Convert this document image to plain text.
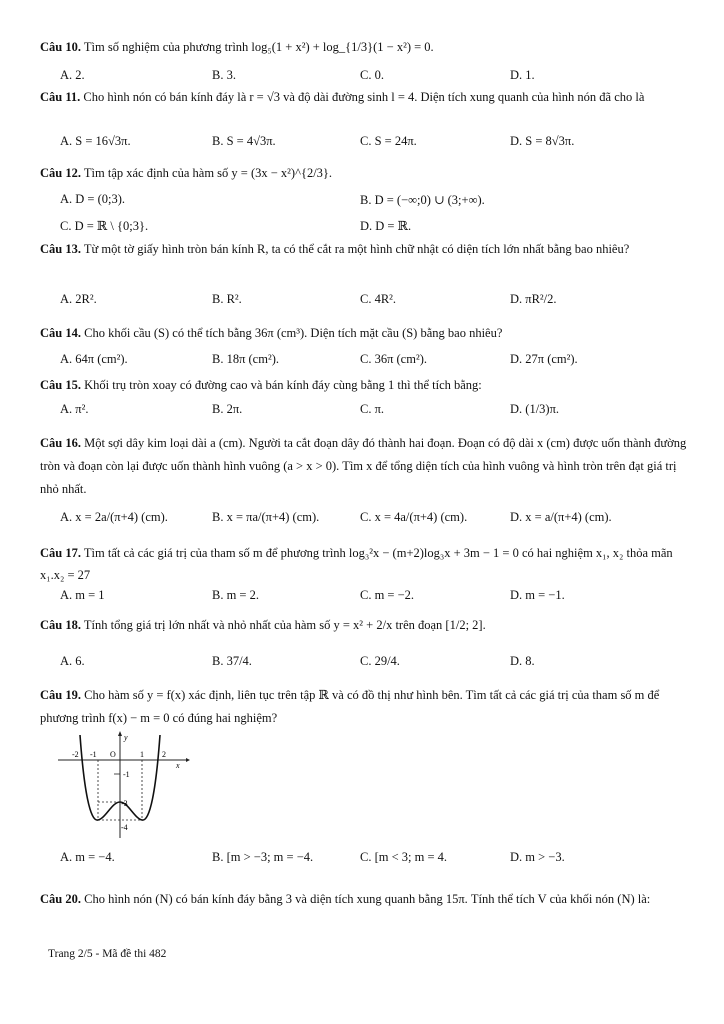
Câu 10. Tìm số nghiệm của phương trình log₅(1 + x²) + log_{1/3}(1 − x²) = 0.
A. 2.	B. 3.	C. 0.	D. 1.
Câu 11. Cho hình nón có bán kính đáy là r = √3 và độ dài đường sinh l = 4. Diện tích xung quanh của hình nón đã cho là
A. S = 16√3π.	B. S = 4√3π.	C. S = 24π.	D. S = 8√3π.
Câu 12. Tìm tập xác định của hàm số y = (3x − x²)^{2/3}.
A. D = (0;3).	B. D = (−∞;0) ∪ (3;+∞).
C. D = ℝ \ {0;3}.	D. D = ℝ.
Câu 13. Từ một tờ giấy hình tròn bán kính R, ta có thể cắt ra một hình chữ nhật có diện tích lớn nhất bằng bao nhiêu?
A. 2R².	B. R².	C. 4R².	D. πR²/2.
Câu 14. Cho khối cầu (S) có thể tích bằng 36π (cm³). Diện tích mặt cầu (S) bằng bao nhiêu?
A. 64π (cm²).	B. 18π (cm²).	C. 36π (cm²).	D. 27π (cm²).
Câu 15. Khối trụ tròn xoay có đường cao và bán kính đáy cùng bằng 1 thì thể tích bằng:
A. π².	B. 2π.	C. π.	D. (1/3)π.
Câu 16. Một sợi dây kim loại dài a (cm). Người ta cắt đoạn dây đó thành hai đoạn. Đoạn có độ dài x (cm) được uốn thành đường tròn và đoạn còn lại được uốn thành hình vuông (a > x > 0). Tìm x để tổng diện tích của hình vuông và hình tròn trên đạt giá trị nhỏ nhất.
A. x = 2a/(π+4) (cm).	B. x = πa/(π+4) (cm).	C. x = 4a/(π+4) (cm).	D. x = a/(π+4) (cm).
Câu 17. Tìm tất cả các giá trị của tham số m để phương trình log₃²x − (m+2)log₃x + 3m − 1 = 0 có hai nghiệm x₁, x₂ thỏa mãn x₁.x₂ = 27
A. m = 1	B. m = 2.	C. m = −2.	D. m = −1.
Câu 18. Tính tổng giá trị lớn nhất và nhỏ nhất của hàm số y = x² + 2/x trên đoạn [1/2; 2].
A. 6.	B. 37/4.	C. 29/4.	D. 8.
Câu 19. Cho hàm số y = f(x) xác định, liên tục trên tập ℝ và có đồ thị như hình bên. Tìm tất cả các giá trị của tham số m để phương trình f(x) − m = 0 có đúng hai nghiệm?
-2 -1 O	1 2
x
y
-1
-3
-4
A. m = −4.	B. [m > −3; m = −4.	C. [m < 3; m = 4.	D. m > −3.
Câu 20. Cho hình nón (N) có bán kính đáy bằng 3 và diện tích xung quanh bằng 15π. Tính thể tích V của khối nón (N) là:
Trang 2/5 - Mã đề thi 482
